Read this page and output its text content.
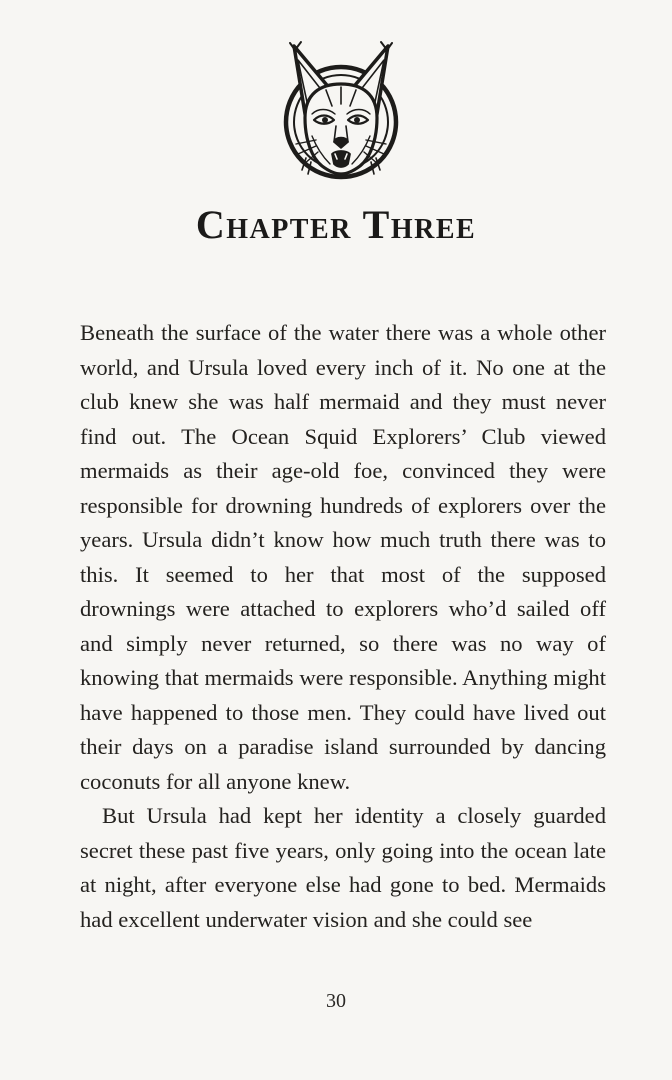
Chapter Three

Beneath the surface of the water there was a whole other world, and Ursula loved every inch of it. No one at the club knew she was half mermaid and they must never find out. The Ocean Squid Explorers’ Club viewed mermaids as their age-old foe, convinced they were responsible for drowning hundreds of explorers over the years. Ursula didn’t know how much truth there was to this. It seemed to her that most of the supposed drownings were attached to explorers who’d sailed off and simply never returned, so there was no way of knowing that mermaids were responsible. Anything might have happened to those men. They could have lived out their days on a paradise island surrounded by dancing coconuts for all anyone knew.

But Ursula had kept her identity a closely guarded secret these past five years, only going into the ocean late at night, after everyone else had gone to bed. Mermaids had excellent underwater vision and she could see

30
